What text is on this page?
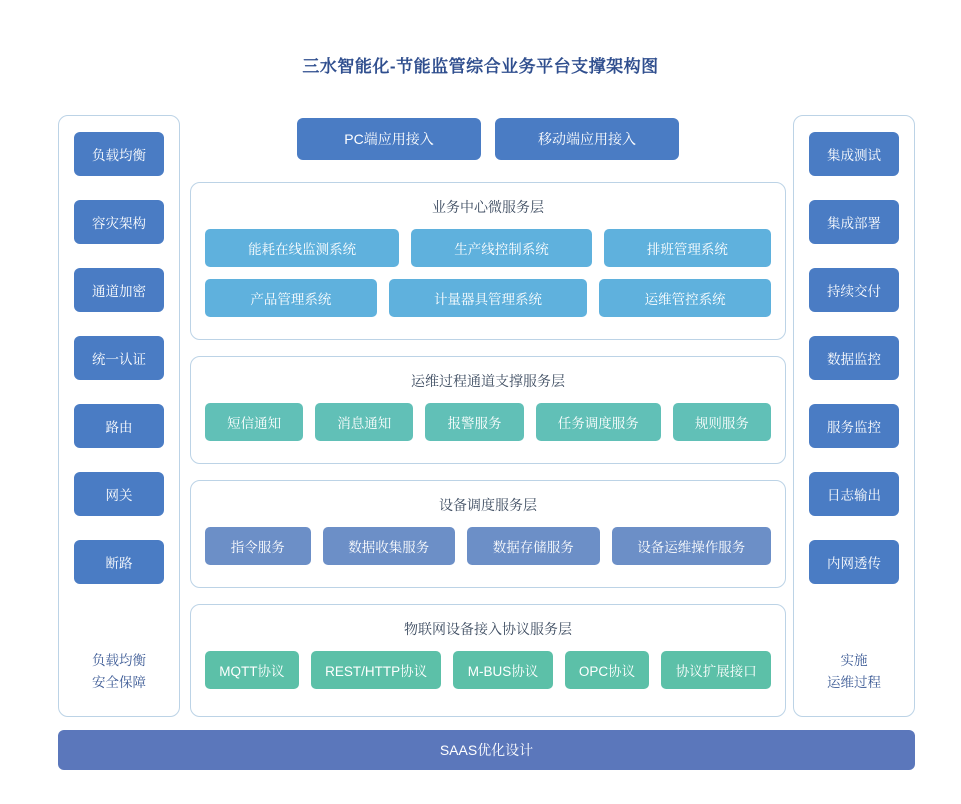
三水智能化-节能监管综合业务平台支撑架构图
负载均衡
容灾架构
通道加密
统一认证
路由
网关
断路
负载均衡
安全保障
集成测试
集成部署
持续交付
数据监控
服务监控
日志输出
内网透传
实施
运维过程
PC端应用接入	移动端应用接入
业务中心微服务层
能耗在线监测系统	生产线控制系统	排班管理系统
产品管理系统	计量器具管理系统	运维管控系统
运维过程通道支撑服务层
短信通知	消息通知	报警服务	任务调度服务	规则服务
设备调度服务层
指令服务	数据收集服务	数据存储服务	设备运维操作服务
物联网设备接入协议服务层
MQTT协议	REST/HTTP协议	M-BUS协议	OPC协议	协议扩展接口
SAAS优化设计
